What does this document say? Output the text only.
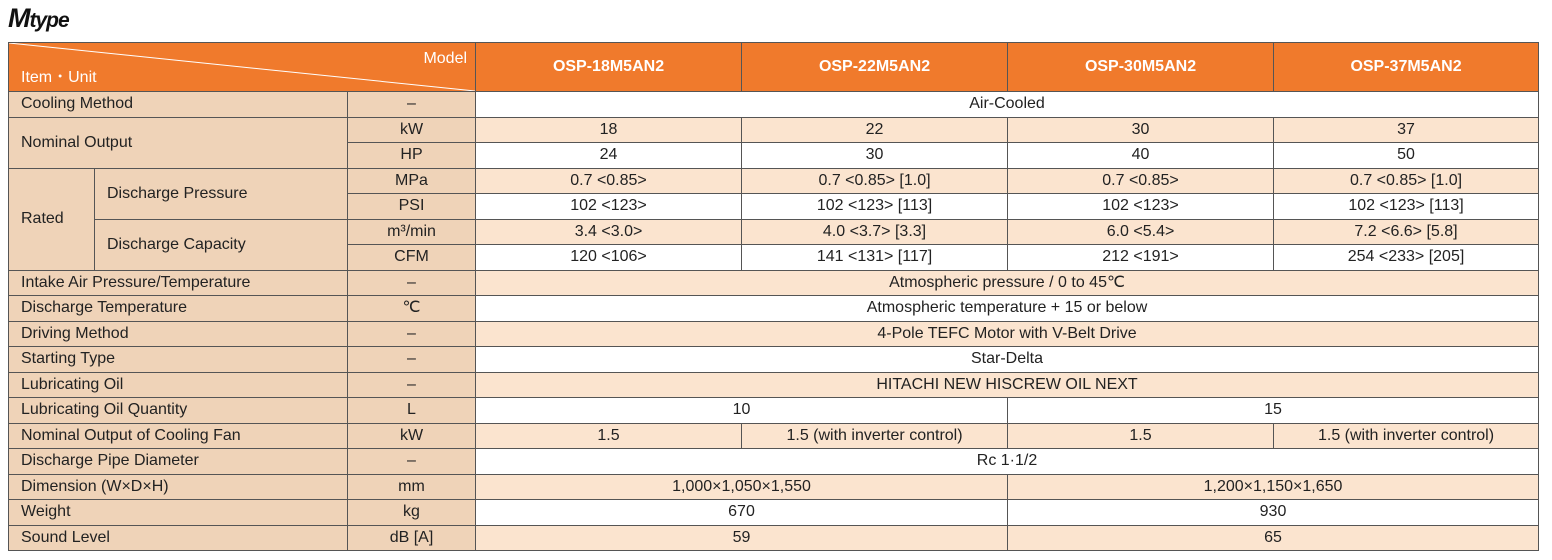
Mtype
Model
Item・Unit			OSP-18M5AN2	OSP-22M5AN2	OSP-30M5AN2	OSP-37M5AN2
Cooling Method		–	Air-Cooled			
Nominal Output		kW	18	22	30	37
		HP	24	30	40	50
Rated	Discharge Pressure	MPa	0.7 <0.85>	0.7 <0.85> [1.0]	0.7 <0.85>	0.7 <0.85> [1.0]
		PSI	102 <123>	102 <123> [113]	102 <123>	102 <123> [113]
	Discharge Capacity	m³/min	3.4 <3.0>	4.0 <3.7> [3.3]	6.0 <5.4>	7.2 <6.6> [5.8]
		CFM	120 <106>	141 <131> [117]	212 <191>	254 <233> [205]
Intake Air Pressure/Temperature		–	Atmospheric pressure / 0 to 45℃			
Discharge Temperature		℃	Atmospheric temperature + 15 or below			
Driving Method		–	4-Pole TEFC Motor with V-Belt Drive			
Starting Type		–	Star-Delta			
Lubricating Oil		–	HITACHI NEW HISCREW OIL NEXT			
Lubricating Oil Quantity		L	10		15	
Nominal Output of Cooling Fan		kW	1.5	1.5 (with inverter control)	1.5	1.5 (with inverter control)
Discharge Pipe Diameter		–	Rc 1·1/2			
Dimension (W×D×H)		mm	1,000×1,050×1,550		1,200×1,150×1,650	
Weight		kg	670		930	
Sound Level		dB [A]	59		65	
